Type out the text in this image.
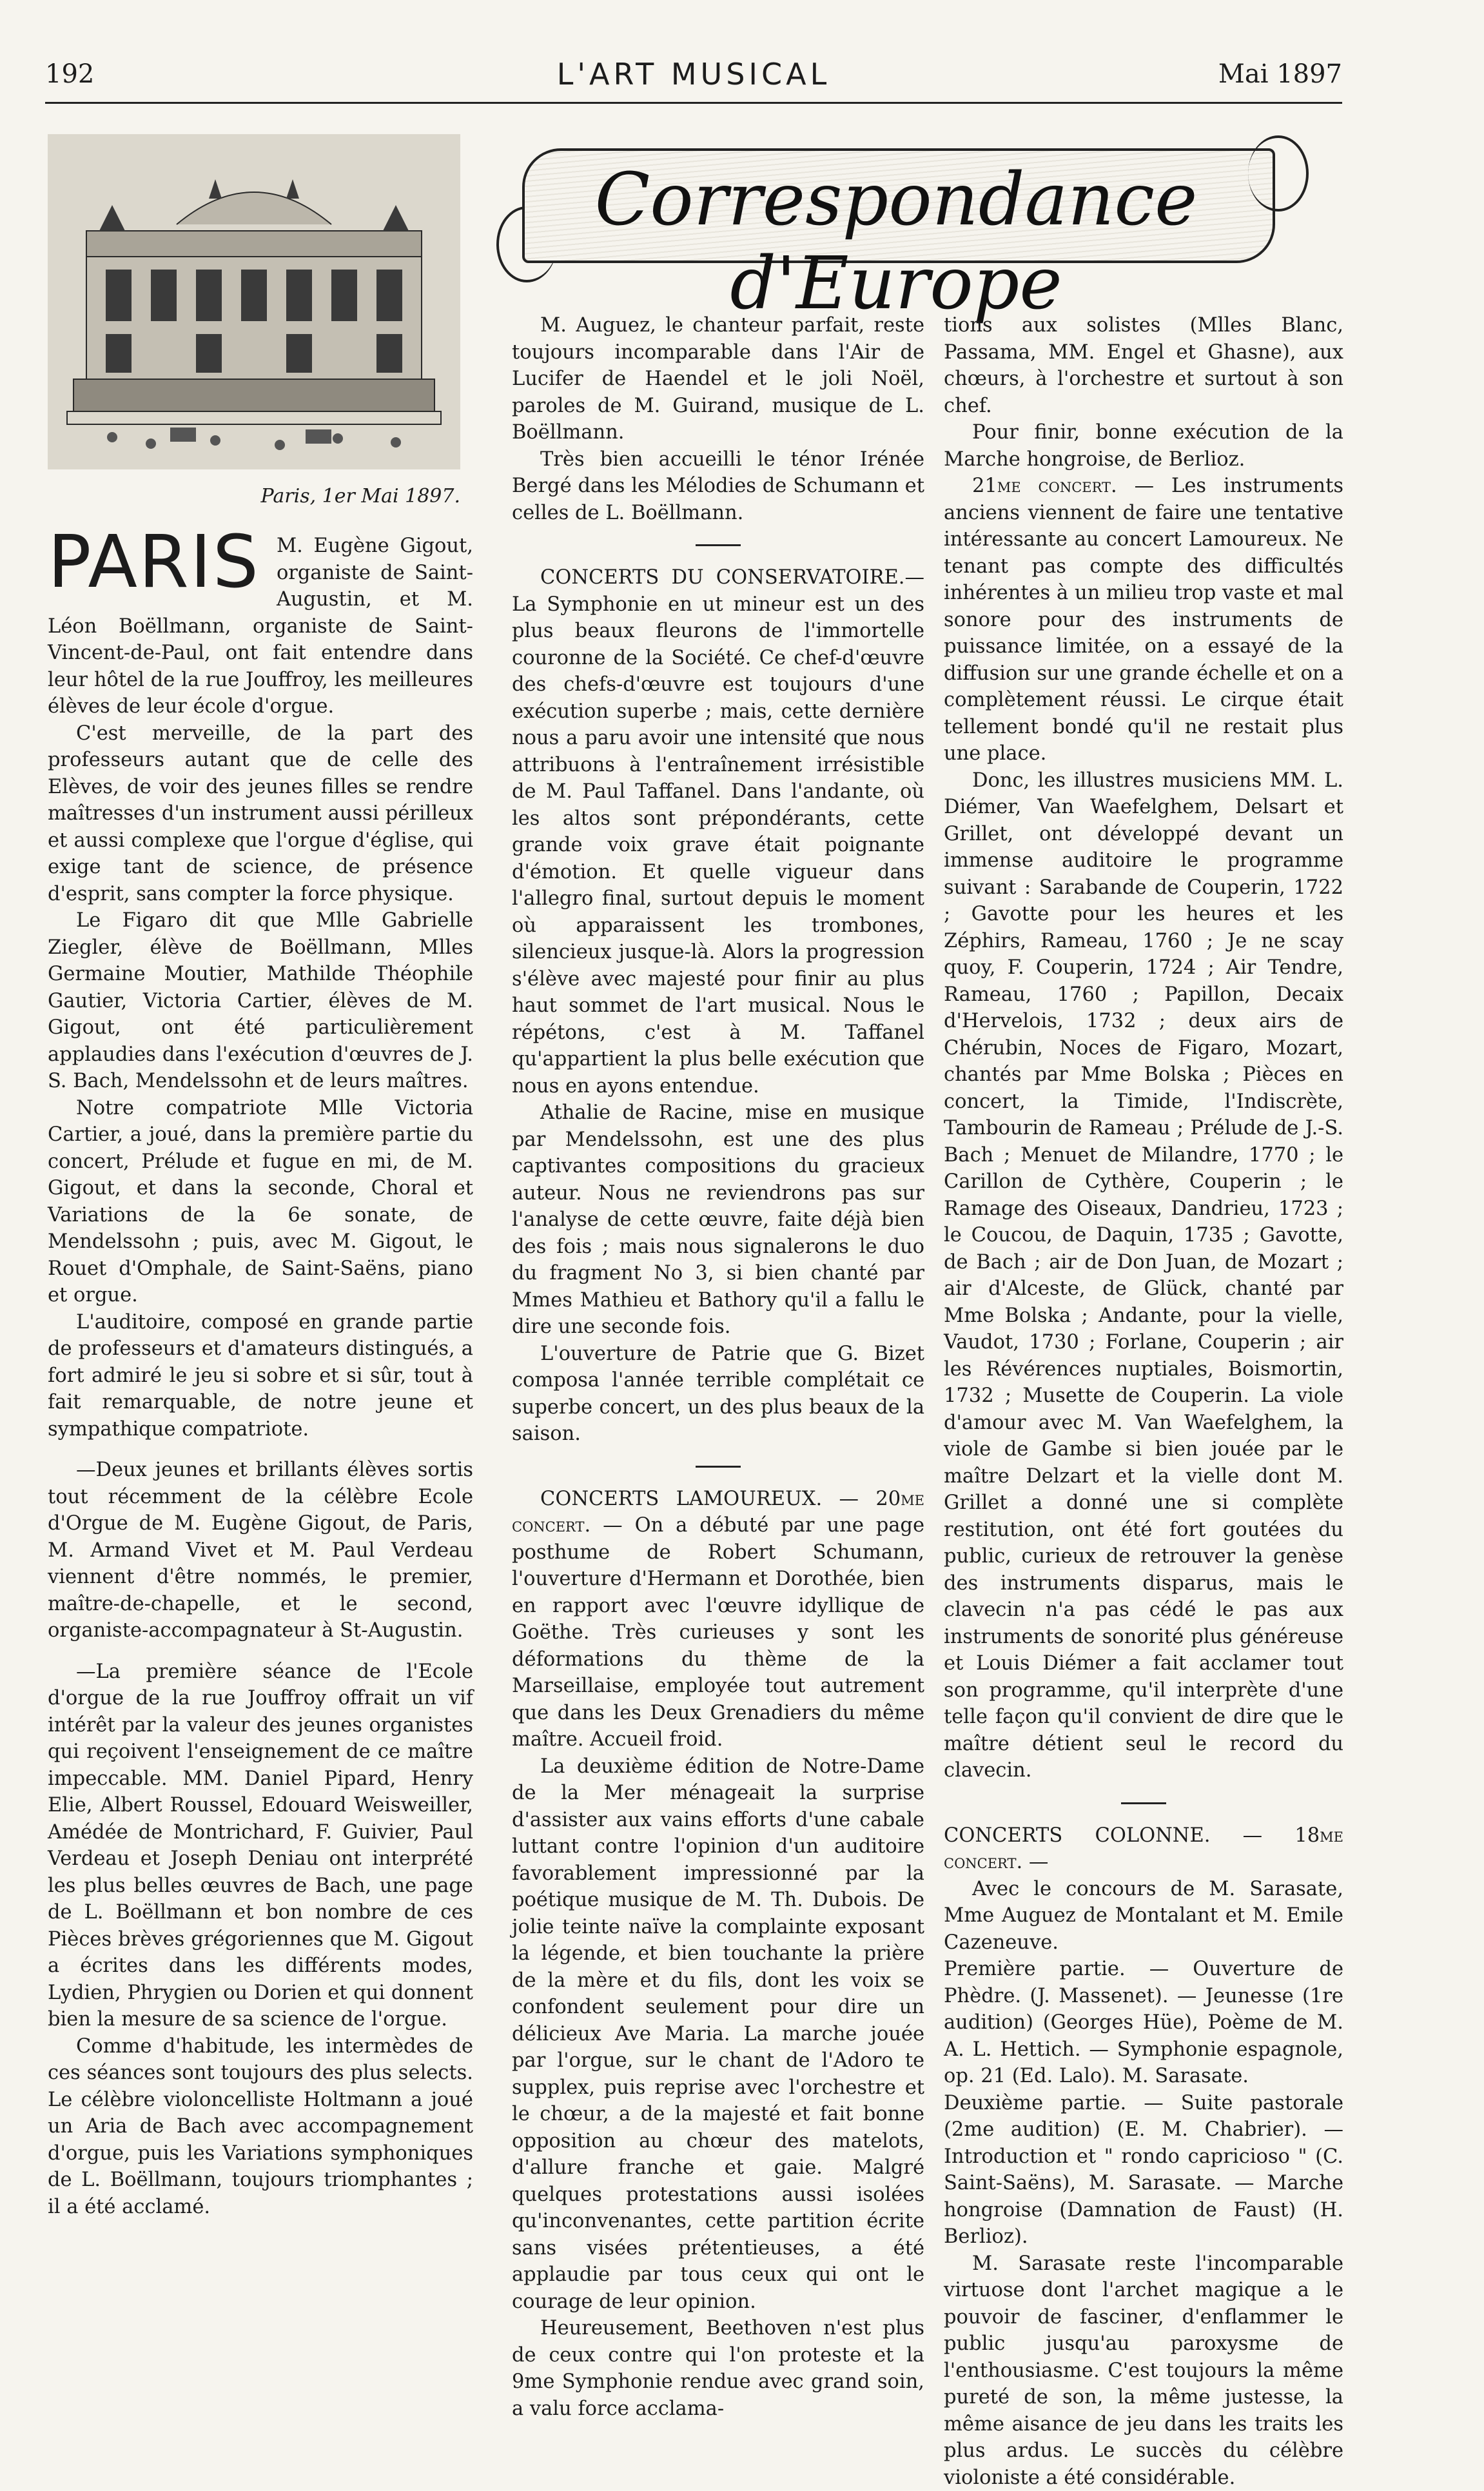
192	L'ART MUSICAL	Mai 1897
Correspondance d'Europe
Paris, 1er Mai 1897.
PARIS M. Eugène Gigout, organiste de Saint-Augustin, et M. Léon Boëllmann, organiste de Saint-Vincent-de-Paul, ont fait entendre dans leur hôtel de la rue Jouffroy, les meilleures élèves de leur école d'orgue.

C'est merveille, de la part des professeurs autant que de celle des Elèves, de voir des jeunes filles se rendre maîtresses d'un instrument aussi périlleux et aussi complexe que l'orgue d'église, qui exige tant de science, de présence d'esprit, sans compter la force physique.

Le Figaro dit que Mlle Gabrielle Ziegler, élève de Boëllmann, Mlles Germaine Moutier, Mathilde Théophile Gautier, Victoria Cartier, élèves de M. Gigout, ont été particulièrement applaudies dans l'exécution d'œuvres de J. S. Bach, Mendelssohn et de leurs maîtres.

Notre compatriote Mlle Victoria Cartier, a joué, dans la première partie du concert, Prélude et fugue en mi, de M. Gigout, et dans la seconde, Choral et Variations de la 6e sonate, de Mendelssohn ; puis, avec M. Gigout, le Rouet d'Omphale, de Saint-Saëns, piano et orgue.

L'auditoire, composé en grande partie de professeurs et d'amateurs distingués, a fort admiré le jeu si sobre et si sûr, tout à fait remarquable, de notre jeune et sympathique compatriote.

—Deux jeunes et brillants élèves sortis tout récemment de la célèbre Ecole d'Orgue de M. Eugène Gigout, de Paris, M. Armand Vivet et M. Paul Verdeau viennent d'être nommés, le premier, maître-de-chapelle, et le second, organiste-accompagnateur à St-Augustin.

—La première séance de l'Ecole d'orgue de la rue Jouffroy offrait un vif intérêt par la valeur des jeunes organistes qui reçoivent l'enseignement de ce maître impeccable. MM. Daniel Pipard, Henry Elie, Albert Roussel, Edouard Weisweiller, Amédée de Montrichard, F. Guivier, Paul Verdeau et Joseph Deniau ont interprété les plus belles œuvres de Bach, une page de L. Boëllmann et bon nombre de ces Pièces brèves grégoriennes que M. Gigout a écrites dans les différents modes, Lydien, Phrygien ou Dorien et qui donnent bien la mesure de sa science de l'orgue.

Comme d'habitude, les intermèdes de ces séances sont toujours des plus selects. Le célèbre violoncelliste Holtmann a joué un Aria de Bach avec accompagnement d'orgue, puis les Variations symphoniques de L. Boëllmann, toujours triomphantes ; il a été acclamé.

M. Auguez, le chanteur parfait, reste toujours incomparable dans l'Air de Lucifer de Haendel et le joli Noël, paroles de M. Guirand, musique de L. Boëllmann.

Très bien accueilli le ténor Irénée Bergé dans les Mélodies de Schumann et celles de L. Boëllmann.

CONCERTS DU CONSERVATOIRE.—La Symphonie en ut mineur est un des plus beaux fleurons de l'immortelle couronne de la Société. Ce chef-d'œuvre des chefs-d'œuvre est toujours d'une exécution superbe ; mais, cette dernière nous a paru avoir une intensité que nous attribuons à l'entraînement irrésistible de M. Paul Taffanel. Dans l'andante, où les altos sont prépondérants, cette grande voix grave était poignante d'émotion. Et quelle vigueur dans l'allegro final, surtout depuis le moment où apparaissent les trombones, silencieux jusque-là. Alors la progression s'élève avec majesté pour finir au plus haut sommet de l'art musical. Nous le répétons, c'est à M. Taffanel qu'appartient la plus belle exécution que nous en ayons entendue.

Athalie de Racine, mise en musique par Mendelssohn, est une des plus captivantes compositions du gracieux auteur. Nous ne reviendrons pas sur l'analyse de cette œuvre, faite déjà bien des fois ; mais nous signalerons le duo du fragment No 3, si bien chanté par Mmes Mathieu et Bathory qu'il a fallu le dire une seconde fois.

L'ouverture de Patrie que G. Bizet composa l'année terrible complétait ce superbe concert, un des plus beaux de la saison.

CONCERTS LAMOUREUX. — 20me concert. — On a débuté par une page posthume de Robert Schumann, l'ouverture d'Hermann et Dorothée, bien en rapport avec l'œuvre idyllique de Goëthe. Très curieuses y sont les déformations du thème de la Marseillaise, employée tout autrement que dans les Deux Grenadiers du même maître. Accueil froid.

La deuxième édition de Notre-Dame de la Mer ménageait la surprise d'assister aux vains efforts d'une cabale luttant contre l'opinion d'un auditoire favorablement impressionné par la poétique musique de M. Th. Dubois. De jolie teinte naïve la complainte exposant la légende, et bien touchante la prière de la mère et du fils, dont les voix se confondent seulement pour dire un délicieux Ave Maria. La marche jouée par l'orgue, sur le chant de l'Adoro te supplex, puis reprise avec l'orchestre et le chœur, a de la majesté et fait bonne opposition au chœur des matelots, d'allure franche et gaie. Malgré quelques protestations aussi isolées qu'inconvenantes, cette partition écrite sans visées prétentieuses, a été applaudie par tous ceux qui ont le courage de leur opinion.

Heureusement, Beethoven n'est plus de ceux contre qui l'on proteste et la 9me Symphonie rendue avec grand soin, a valu force acclama-

tions aux solistes (Mlles Blanc, Passama, MM. Engel et Ghasne), aux chœurs, à l'orchestre et surtout à son chef.

Pour finir, bonne exécution de la Marche hongroise, de Berlioz.

21me concert. — Les instruments anciens viennent de faire une tentative intéressante au concert Lamoureux. Ne tenant pas compte des difficultés inhérentes à un milieu trop vaste et mal sonore pour des instruments de puissance limitée, on a essayé de la diffusion sur une grande échelle et on a complètement réussi. Le cirque était tellement bondé qu'il ne restait plus une place.

Donc, les illustres musiciens MM. L. Diémer, Van Waefelghem, Delsart et Grillet, ont développé devant un immense auditoire le programme suivant : Sarabande de Couperin, 1722 ; Gavotte pour les heures et les Zéphirs, Rameau, 1760 ; Je ne scay quoy, F. Couperin, 1724 ; Air Tendre, Rameau, 1760 ; Papillon, Decaix d'Hervelois, 1732 ; deux airs de Chérubin, Noces de Figaro, Mozart, chantés par Mme Bolska ; Pièces en concert, la Timide, l'Indiscrète, Tambourin de Rameau ; Prélude de J.-S. Bach ; Menuet de Milandre, 1770 ; le Carillon de Cythère, Couperin ; le Ramage des Oiseaux, Dandrieu, 1723 ; le Coucou, de Daquin, 1735 ; Gavotte, de Bach ; air de Don Juan, de Mozart ; air d'Alceste, de Glück, chanté par Mme Bolska ; Andante, pour la vielle, Vaudot, 1730 ; Forlane, Couperin ; air les Révérences nuptiales, Boismortin, 1732 ; Musette de Couperin. La viole d'amour avec M. Van Waefelghem, la viole de Gambe si bien jouée par le maître Delzart et la vielle dont M. Grillet a donné une si complète restitution, ont été fort goutées du public, curieux de retrouver la genèse des instruments disparus, mais le clavecin n'a pas cédé le pas aux instruments de sonorité plus généreuse et Louis Diémer a fait acclamer tout son programme, qu'il interprète d'une telle façon qu'il convient de dire que le maître détient seul le record du clavecin.

CONCERTS COLONNE. — 18me concert. —

Avec le concours de M. Sarasate, Mme Auguez de Montalant et M. Emile Cazeneuve.

Première partie. — Ouverture de Phèdre. (J. Massenet). — Jeunesse (1re audition) (Georges Hüe), Poème de M. A. L. Hettich. — Symphonie espagnole, op. 21 (Ed. Lalo). M. Sarasate.

Deuxième partie. — Suite pastorale (2me audition) (E. M. Chabrier). — Introduction et " rondo capricioso " (C. Saint-Saëns), M. Sarasate. — Marche hongroise (Damnation de Faust) (H. Berlioz).

M. Sarasate reste l'incomparable virtuose dont l'archet magique a le pouvoir de fasciner, d'enflammer le public jusqu'au paroxysme de l'enthousiasme. C'est toujours la même pureté de son, la même justesse, la même aisance de jeu dans les traits les plus ardus. Le succès du célèbre violoniste a été considérable.
